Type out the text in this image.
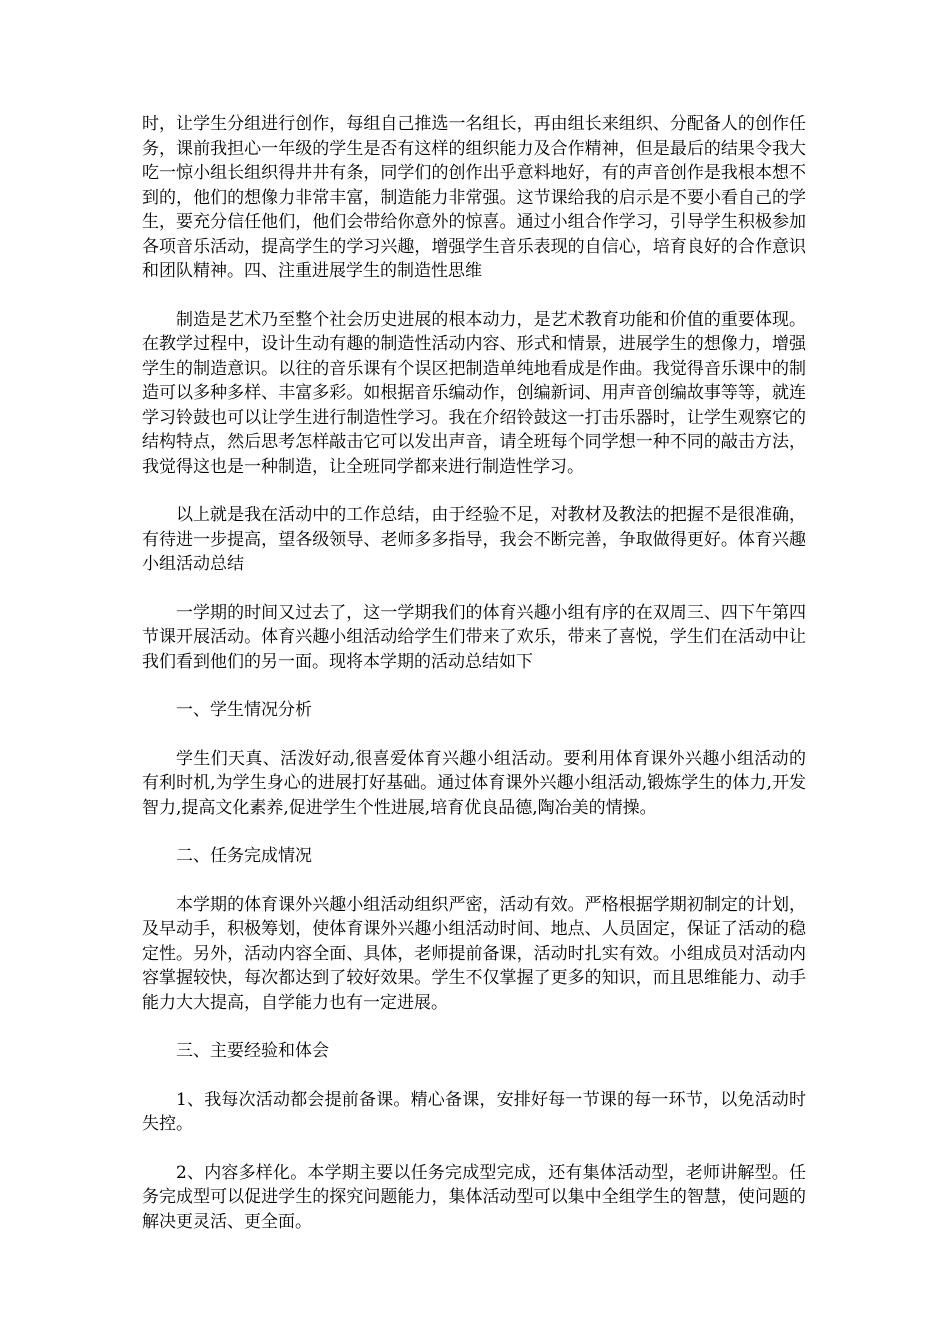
时，让学生分组进行创作，每组自己推选一名组长，再由组长来组织、分配备人的创作任务，课前我担心一年级的学生是否有这样的组织能力及合作精神，但是最后的结果令我大吃一惊小组长组织得井井有条，同学们的创作出乎意料地好，有的声音创作是我根本想不到的，他们的想像力非常丰富，制造能力非常强。这节课给我的启示是不要小看自己的学生，要充分信任他们，他们会带给你意外的惊喜。通过小组合作学习，引导学生积极参加各项音乐活动，提高学生的学习兴趣，增强学生音乐表现的自信心，培育良好的合作意识和团队精神。四、注重进展学生的制造性思维

制造是艺术乃至整个社会历史进展的根本动力，是艺术教育功能和价值的重要体现。在教学过程中，设计生动有趣的制造性活动内容、形式和情景，进展学生的想像力，增强学生的制造意识。以往的音乐课有个误区把制造单纯地看成是作曲。我觉得音乐课中的制造可以多种多样、丰富多彩。如根据音乐编动作，创编新词、用声音创编故事等等，就连学习铃鼓也可以让学生进行制造性学习。我在介绍铃鼓这一打击乐器时，让学生观察它的结构特点，然后思考怎样敲击它可以发出声音，请全班每个同学想一种不同的敲击方法，我觉得这也是一种制造，让全班同学都来进行制造性学习。

以上就是我在活动中的工作总结，由于经验不足，对教材及教法的把握不是很准确，有待进一步提高，望各级领导、老师多多指导，我会不断完善，争取做得更好。体育兴趣小组活动总结

一学期的时间又过去了，这一学期我们的体育兴趣小组有序的在双周三、四下午第四节课开展活动。体育兴趣小组活动给学生们带来了欢乐，带来了喜悦，学生们在活动中让我们看到他们的另一面。现将本学期的活动总结如下

一、学生情况分析

学生们天真、活泼好动,很喜爱体育兴趣小组活动。要利用体育课外兴趣小组活动的有利时机,为学生身心的进展打好基础。通过体育课外兴趣小组活动,锻炼学生的体力,开发智力,提高文化素养,促进学生个性进展,培育优良品德,陶冶美的情操。

二、任务完成情况

本学期的体育课外兴趣小组活动组织严密，活动有效。严格根据学期初制定的计划，及早动手，积极筹划，使体育课外兴趣小组活动时间、地点、人员固定，保证了活动的稳定性。另外，活动内容全面、具体，老师提前备课，活动时扎实有效。小组成员对活动内容掌握较快，每次都达到了较好效果。学生不仅掌握了更多的知识，而且思维能力、动手能力大大提高，自学能力也有一定进展。

三、主要经验和体会

1、我每次活动都会提前备课。精心备课，安排好每一节课的每一环节，以免活动时失控。

2、内容多样化。本学期主要以任务完成型完成，还有集体活动型，老师讲解型。任务完成型可以促进学生的探究问题能力，集体活动型可以集中全组学生的智慧，使问题的解决更灵活、更全面。
